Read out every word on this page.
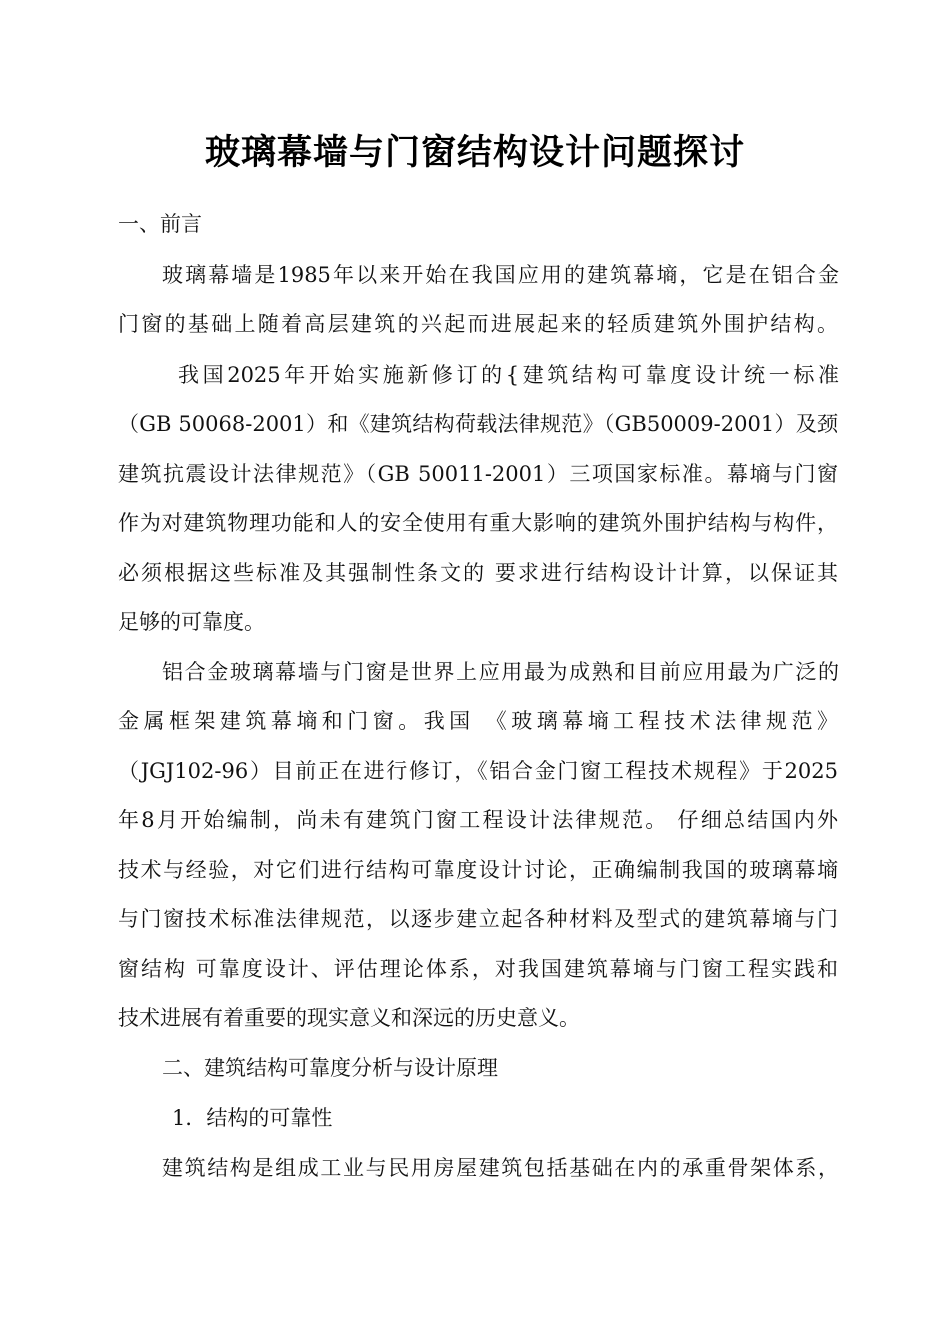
玻璃幕墙与门窗结构设计问题探讨

一、前言

玻璃幕墙是1985年以来开始在我国应用的建筑幕墒，它是在铝合金

门窗的基础上随着高层建筑的兴起而进展起来的轻质建筑外围护结构。

我国2025年开始实施新修订的{建筑结构可靠度设计统一标准

（GB 50068-2001）和《建筑结构荷载法律规范》（GB50009-2001）及颈

建筑抗震设计法律规范》（GB 50011-2001）三项国家标准。幕墒与门窗

作为对建筑物理功能和人的安全使用有重大影响的建筑外围护结构与构件，

必须根据这些标准及其强制性条文的 要求进行结构设计计算，以保证其

足够的可靠度。

铝合金玻璃幕墙与门窗是世界上应用最为成熟和目前应用最为广泛的

金属框架建筑幕墒和门窗。我国 《玻璃幕墒工程技术法律规范》

（JGJ102-96）目前正在进行修订，《铝合金门窗工程技术规程》于2025

年8月开始编制，尚未有建筑门窗工程设计法律规范。 仔细总结国内外

技术与经验，对它们进行结构可靠度设计讨论，正确编制我国的玻璃幕墒

与门窗技术标准法律规范，以逐步建立起各种材料及型式的建筑幕墒与门

窗结构 可靠度设计、评估理论体系，对我国建筑幕墒与门窗工程实践和

技术进展有着重要的现实意义和深远的历史意义。

二、建筑结构可靠度分析与设计原理

1．结构的可靠性

建筑结构是组成工业与民用房屋建筑包括基础在内的承重骨架体系，
